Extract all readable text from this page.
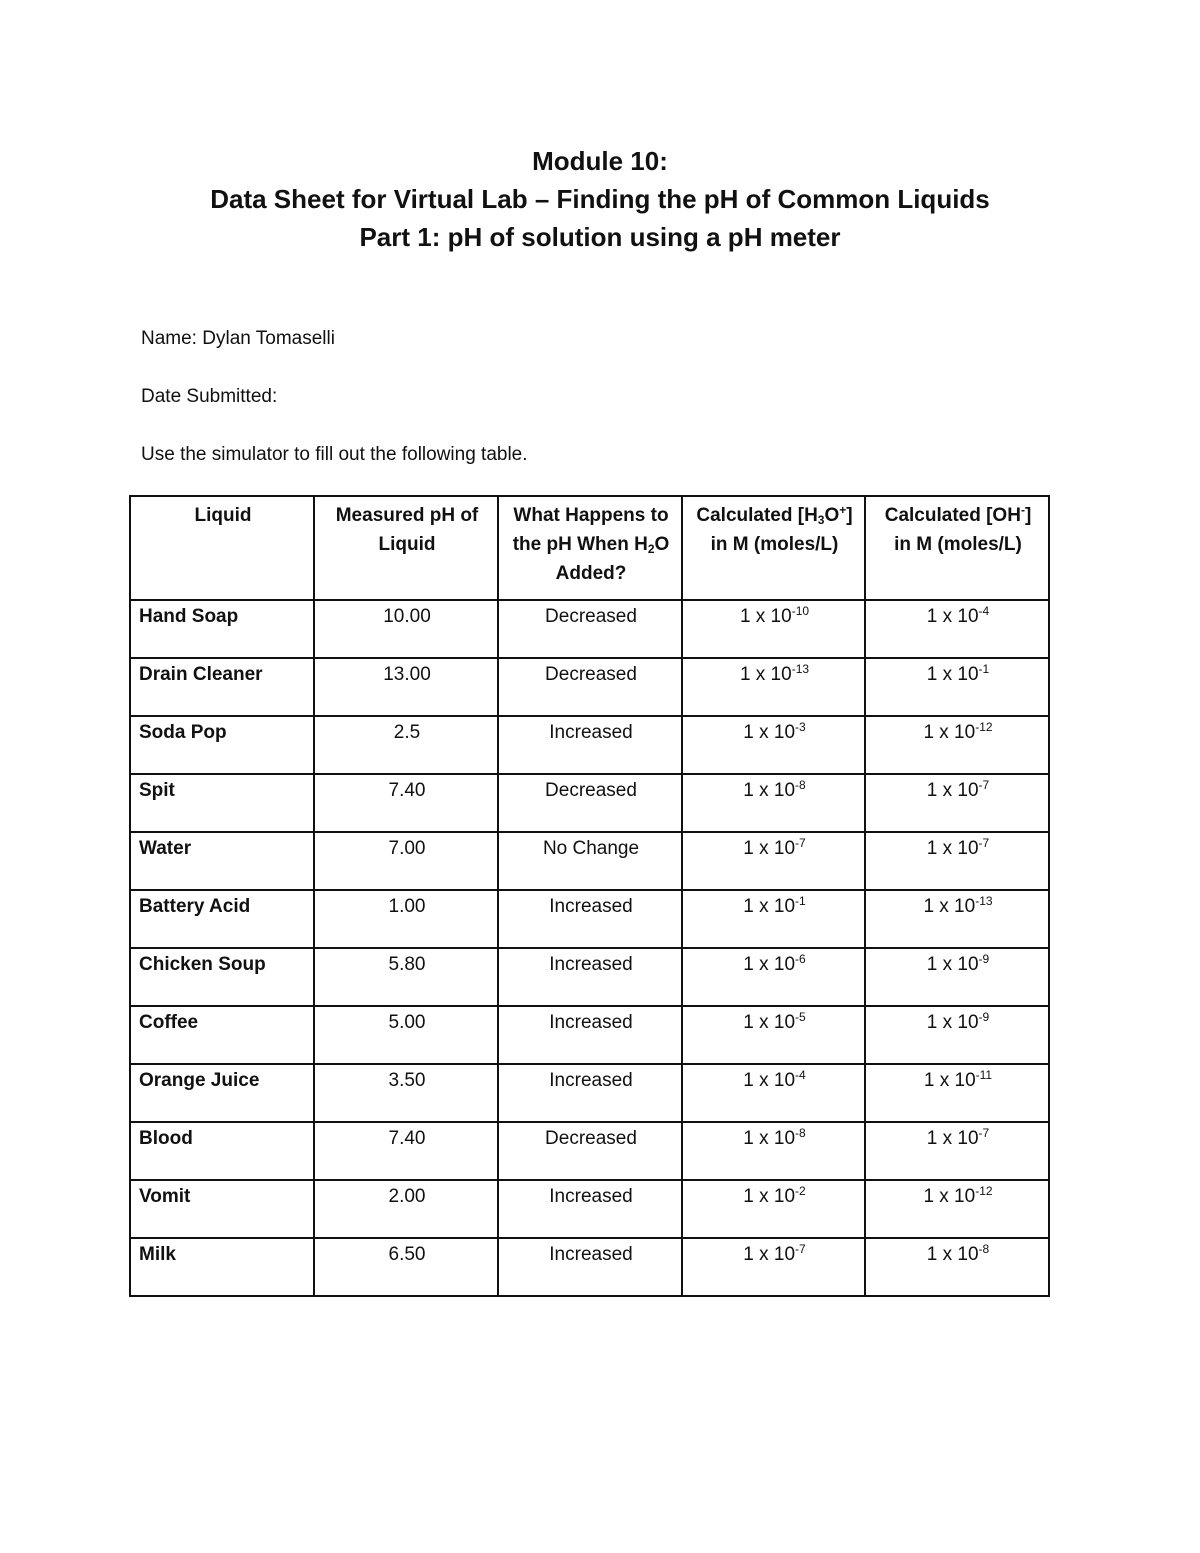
Module 10:
Data Sheet for Virtual Lab – Finding the pH of Common Liquids
Part 1: pH of solution using a pH meter
Name: Dylan Tomaselli
Date Submitted:
Use the simulator to fill out the following table.
Liquid	Measured pH of Liquid	What Happens to the pH When $H_2O$ Added?	Calculated $[H_3O^+]$ in M (moles/L)	Calculated [OH-] in M (moles/L)
Hand Soap	10.00	Decreased	1 x $10^{-10}$	1 x $10^{-4}$
Drain Cleaner	13.00	Decreased	1 x $10^{-13}$	1 x $10^{-1}$
Soda Pop	2.5	Increased	1 x $10^{-3}$	1 x $10^{-12}$
Spit	7.40	Decreased	1 x $10^{-8}$	1 x $10^{-7}$
Water	7.00	No Change	1 x $10^{-7}$	1 x $10^{-7}$
Battery Acid	1.00	Increased	1 x $10^{-1}$	1 x $10^{-13}$
Chicken Soup	5.80	Increased	1 x $10^{-6}$	1 x $10^{-9}$
Coffee	5.00	Increased	1 x $10^{-5}$	1 x $10^{-9}$
Orange Juice	3.50	Increased	1 x $10^{-4}$	1 x $10^{-11}$
Blood	7.40	Decreased	1 x $10^{-8}$	1 x $10^{-7}$
Vomit	2.00	Increased	1 x $10^{-2}$	1 x $10^{-12}$
Milk	6.50	Increased	1 x $10^{-7}$	1 x $10^{-8}$
